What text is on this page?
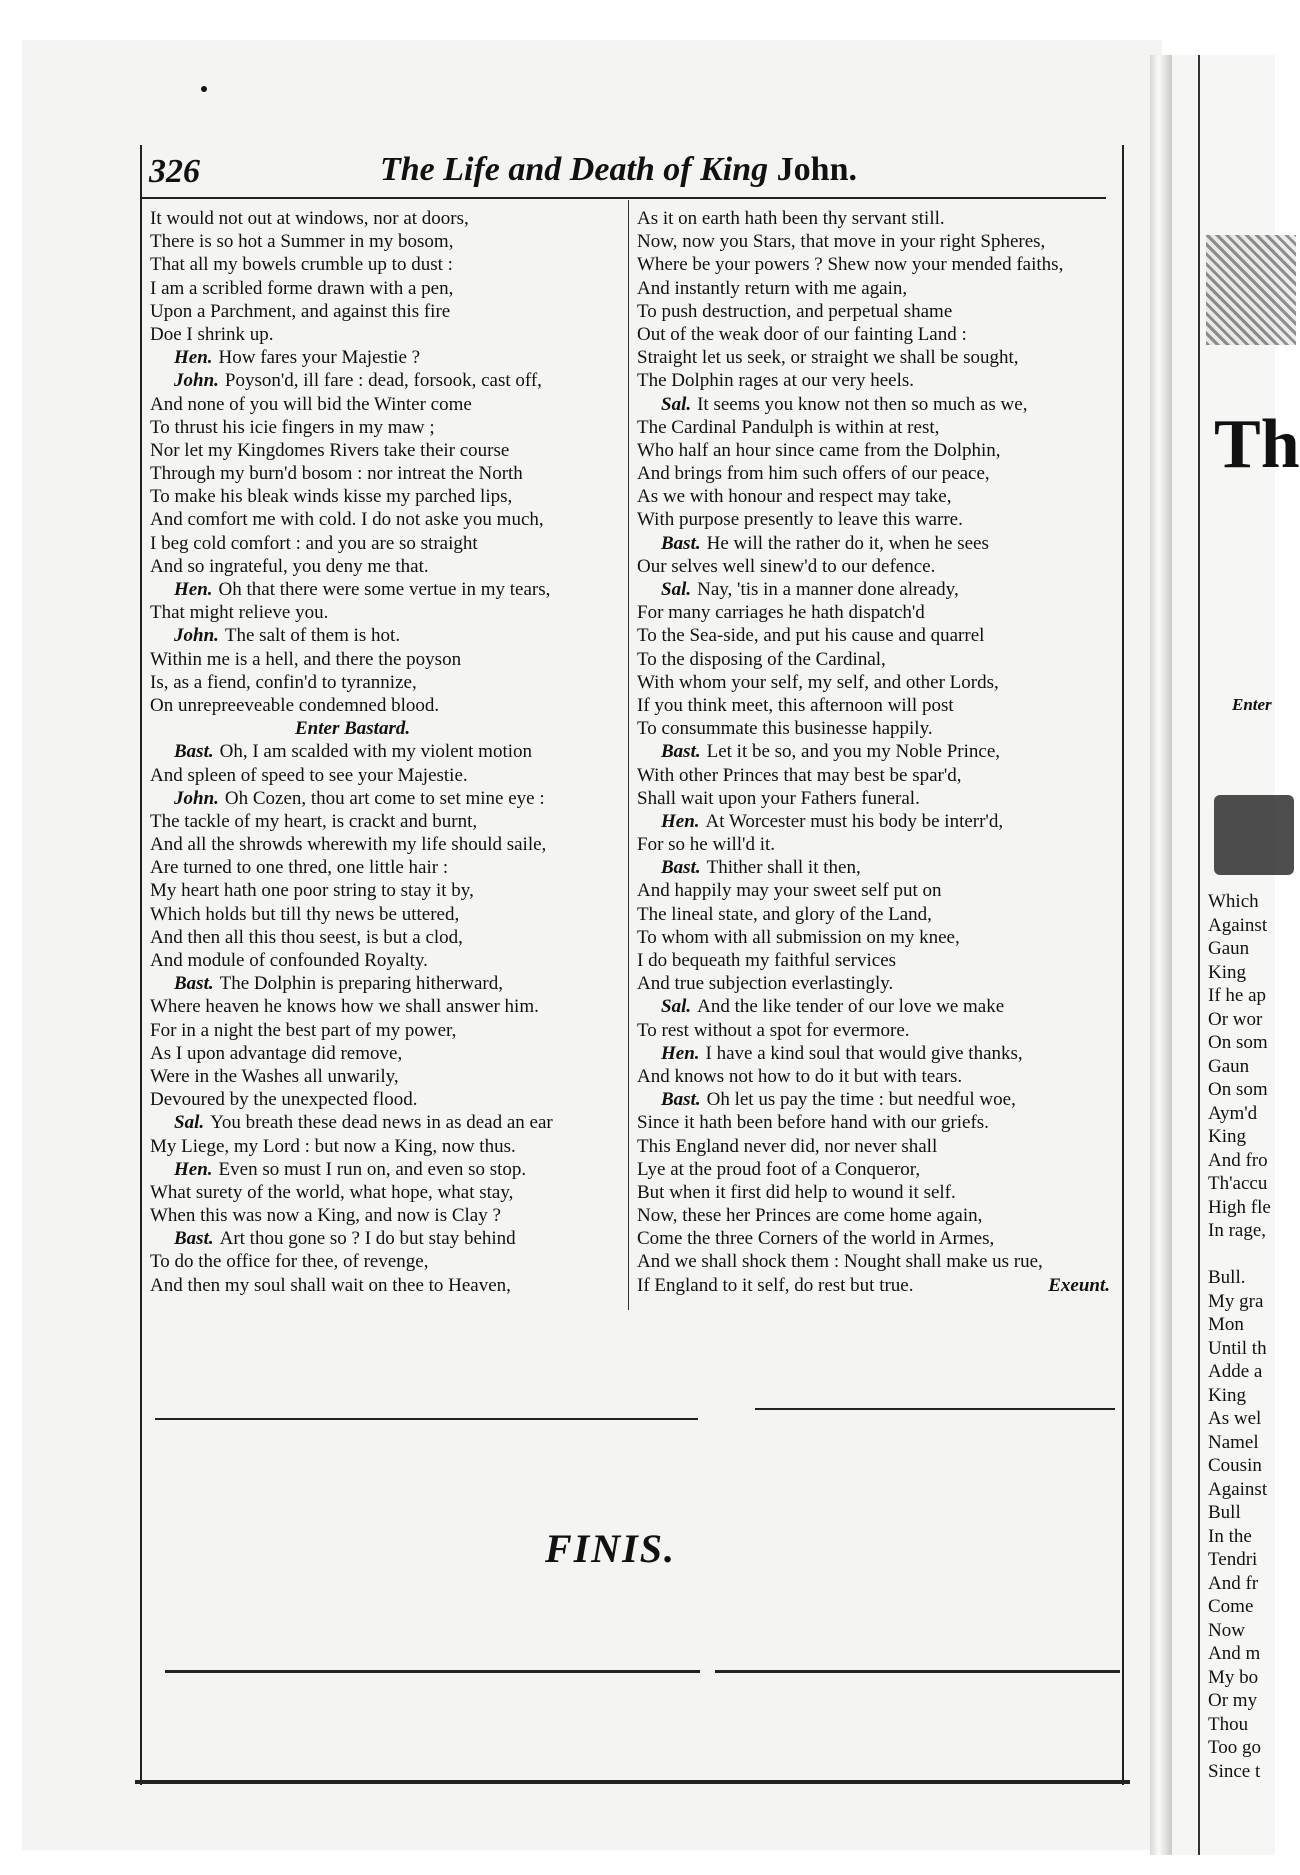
Th
Enter
Which
Against
Gaun
King
If he ap
Or wor
On som
Gaun
On som
Aym'd
King
And fro
Th'accu
High fle
In rage,

Bull.
My gra
Mon
Until th
Adde a
King
As wel
Namel
Cousin
Against
Bull
In the
Tendri
And fr
Come
Now
And m
My bo
Or my
Thou
Too go
Since t
326	The Life and Death of King John.
It would not out at windows, nor at doors,
There is so hot a Summer in my bosom,
That all my bowels crumble up to dust :
I am a scribled forme drawn with a pen,
Upon a Parchment, and against this fire
Doe I shrink up.
Hen. How fares your Majestie ?
John. Poyson'd, ill fare : dead, forsook, cast off,
And none of you will bid the Winter come
To thrust his icie fingers in my maw ;
Nor let my Kingdomes Rivers take their course
Through my burn'd bosom : nor intreat the North
To make his bleak winds kisse my parched lips,
And comfort me with cold. I do not aske you much,
I beg cold comfort : and you are so straight
And so ingrateful, you deny me that.
Hen. Oh that there were some vertue in my tears,
That might relieve you.
John. The salt of them is hot.
Within me is a hell, and there the poyson
Is, as a fiend, confin'd to tyrannize,
On unrepreeveable condemned blood.
Enter Bastard.
Bast. Oh, I am scalded with my violent motion
And spleen of speed to see your Majestie.
John. Oh Cozen, thou art come to set mine eye :
The tackle of my heart, is crackt and burnt,
And all the shrowds wherewith my life should saile,
Are turned to one thred, one little hair :
My heart hath one poor string to stay it by,
Which holds but till thy news be uttered,
And then all this thou seest, is but a clod,
And module of confounded Royalty.
Bast. The Dolphin is preparing hitherward,
Where heaven he knows how we shall answer him.
For in a night the best part of my power,
As I upon advantage did remove,
Were in the Washes all unwarily,
Devoured by the unexpected flood.
Sal. You breath these dead news in as dead an ear
My Liege, my Lord : but now a King, now thus.
Hen. Even so must I run on, and even so stop.
What surety of the world, what hope, what stay,
When this was now a King, and now is Clay ?
Bast. Art thou gone so ? I do but stay behind
To do the office for thee, of revenge,
And then my soul shall wait on thee to Heaven,
As it on earth hath been thy servant still.
Now, now you Stars, that move in your right Spheres,
Where be your powers ? Shew now your mended faiths,
And instantly return with me again,
To push destruction, and perpetual shame
Out of the weak door of our fainting Land :
Straight let us seek, or straight we shall be sought,
The Dolphin rages at our very heels.
Sal. It seems you know not then so much as we,
The Cardinal Pandulph is within at rest,
Who half an hour since came from the Dolphin,
And brings from him such offers of our peace,
As we with honour and respect may take,
With purpose presently to leave this warre.
Bast. He will the rather do it, when he sees
Our selves well sinew'd to our defence.
Sal. Nay, 'tis in a manner done already,
For many carriages he hath dispatch'd
To the Sea-side, and put his cause and quarrel
To the disposing of the Cardinal,
With whom your self, my self, and other Lords,
If you think meet, this afternoon will post
To consummate this businesse happily.
Bast. Let it be so, and you my Noble Prince,
With other Princes that may best be spar'd,
Shall wait upon your Fathers funeral.
Hen. At Worcester must his body be interr'd,
For so he will'd it.
Bast. Thither shall it then,
And happily may your sweet self put on
The lineal state, and glory of the Land,
To whom with all submission on my knee,
I do bequeath my faithful services
And true subjection everlastingly.
Sal. And the like tender of our love we make
To rest without a spot for evermore.
Hen. I have a kind soul that would give thanks,
And knows not how to do it but with tears.
Bast. Oh let us pay the time : but needful woe,
Since it hath been before hand with our griefs.
This England never did, nor never shall
Lye at the proud foot of a Conqueror,
But when it first did help to wound it self.
Now, these her Princes are come home again,
Come the three Corners of the world in Armes,
And we shall shock them : Nought shall make us rue,
If England to it self, do rest but true.	Exeunt.
FINIS.
